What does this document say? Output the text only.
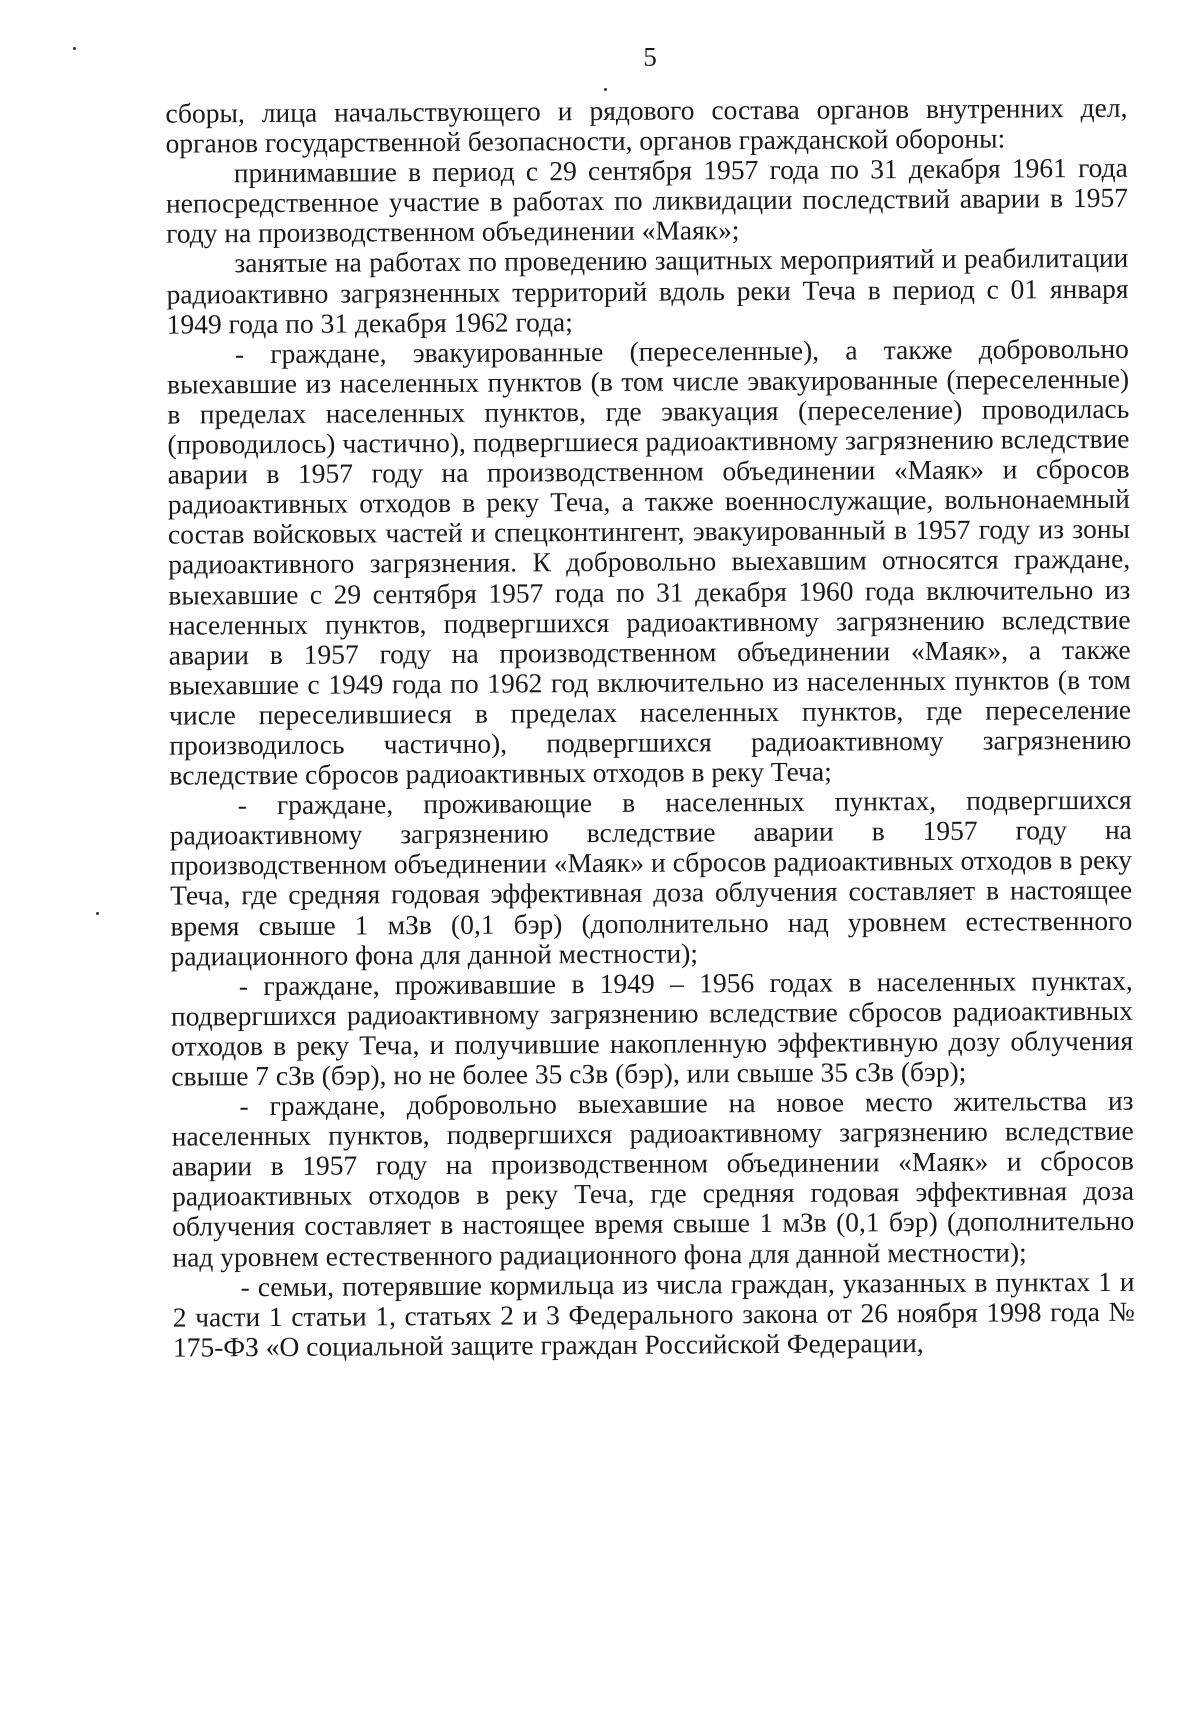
5

сборы, лица начальствующего и рядового состава органов внутренних дел, органов государственной безопасности, органов гражданской обороны:

принимавшие в период с 29 сентября 1957 года по 31 декабря 1961 года непосредственное участие в работах по ликвидации последствий аварии в 1957 году на производственном объединении «Маяк»;

занятые на работах по проведению защитных мероприятий и реабилитации радиоактивно загрязненных территорий вдоль реки Теча в период с 01 января 1949 года по 31 декабря 1962 года;

- граждане, эвакуированные (переселенные), а также добровольно выехавшие из населенных пунктов (в том числе эвакуированные (переселенные) в пределах населенных пунктов, где эвакуация (переселение) проводилась (проводилось) частично), подвергшиеся радиоактивному загрязнению вследствие аварии в 1957 году на производственном объединении «Маяк» и сбросов радиоактивных отходов в реку Теча, а также военнослужащие, вольнонаемный состав войсковых частей и спецконтингент, эвакуированный в 1957 году из зоны радиоактивного загрязнения. К добровольно выехавшим относятся граждане, выехавшие с 29 сентября 1957 года по 31 декабря 1960 года включительно из населенных пунктов, подвергшихся радиоактивному загрязнению вследствие аварии в 1957 году на производственном объединении «Маяк», а также выехавшие с 1949 года по 1962 год включительно из населенных пунктов (в том числе переселившиеся в пределах населенных пунктов, где переселение производилось частично), подвергшихся радиоактивному загрязнению вследствие сбросов радиоактивных отходов в реку Теча;

- граждане, проживающие в населенных пунктах, подвергшихся радиоактивному загрязнению вследствие аварии в 1957 году на производственном объединении «Маяк» и сбросов радиоактивных отходов в реку Теча, где средняя годовая эффективная доза облучения составляет в настоящее время свыше 1 мЗв (0,1 бэр) (дополнительно над уровнем естественного радиационного фона для данной местности);

- граждане, проживавшие в 1949 – 1956 годах в населенных пунктах, подвергшихся радиоактивному загрязнению вследствие сбросов радиоактивных отходов в реку Теча, и получившие накопленную эффективную дозу облучения свыше 7 сЗв (бэр), но не более 35 сЗв (бэр), или свыше 35 сЗв (бэр);

- граждане, добровольно выехавшие на новое место жительства из населенных пунктов, подвергшихся радиоактивному загрязнению вследствие аварии в 1957 году на производственном объединении «Маяк» и сбросов радиоактивных отходов в реку Теча, где средняя годовая эффективная доза облучения составляет в настоящее время свыше 1 мЗв (0,1 бэр) (дополнительно над уровнем естественного радиационного фона для данной местности);

- семьи, потерявшие кормильца из числа граждан, указанных в пунктах 1 и 2 части 1 статьи 1, статьях 2 и 3 Федерального закона от 26 ноября 1998 года № 175-ФЗ «О социальной защите граждан Российской Федерации,
